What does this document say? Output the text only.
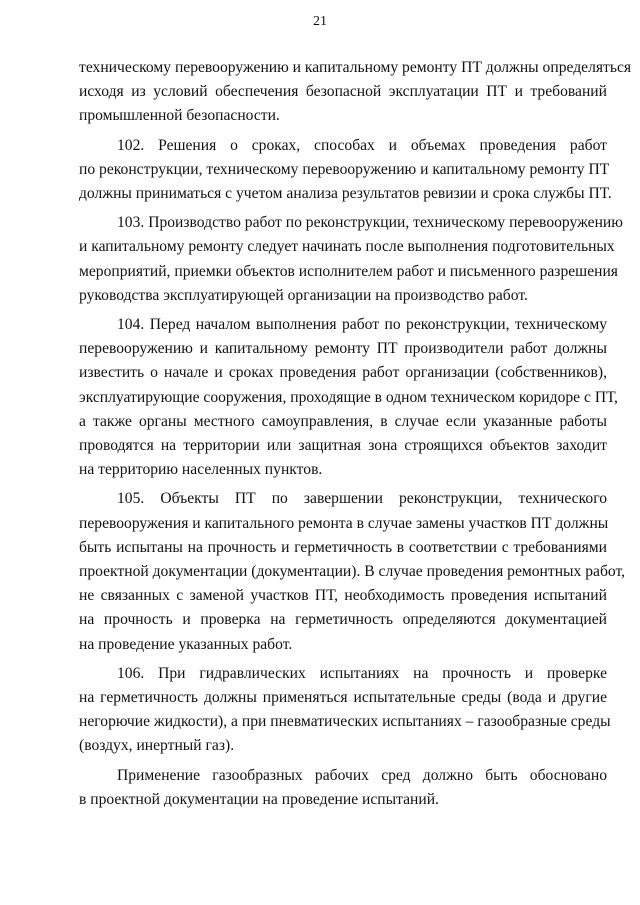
21
техническому перевооружению и капитальному ремонту ПТ должны определяться
исходя из условий обеспечения безопасной эксплуатации ПТ и требований
промышленной безопасности.
102. Решения о сроках, способах и объемах проведения работ
по реконструкции, техническому перевооружению и капитальному ремонту ПТ
должны приниматься с учетом анализа результатов ревизии и срока службы ПТ.
103. Производство работ по реконструкции, техническому перевооружению
и капитальному ремонту следует начинать после выполнения подготовительных
мероприятий, приемки объектов исполнителем работ и письменного разрешения
руководства эксплуатирующей организации на производство работ.
104. Перед началом выполнения работ по реконструкции, техническому
перевооружению и капитальному ремонту ПТ производители работ должны
известить о начале и сроках проведения работ организации (собственников),
эксплуатирующие сооружения, проходящие в одном техническом коридоре с ПТ,
а также органы местного самоуправления, в случае если указанные работы
проводятся на территории или защитная зона строящихся объектов заходит
на территорию населенных пунктов.
105. Объекты ПТ по завершении реконструкции, технического
перевооружения и капитального ремонта в случае замены участков ПТ должны
быть испытаны на прочность и герметичность в соответствии с требованиями
проектной документации (документации). В случае проведения ремонтных работ,
не связанных с заменой участков ПТ, необходимость проведения испытаний
на прочность и проверка на герметичность определяются документацией
на проведение указанных работ.
106. При гидравлических испытаниях на прочность и проверке
на герметичность должны применяться испытательные среды (вода и другие
негорючие жидкости), а при пневматических испытаниях – газообразные среды
(воздух, инертный газ).
Применение газообразных рабочих сред должно быть обосновано
в проектной документации на проведение испытаний.
